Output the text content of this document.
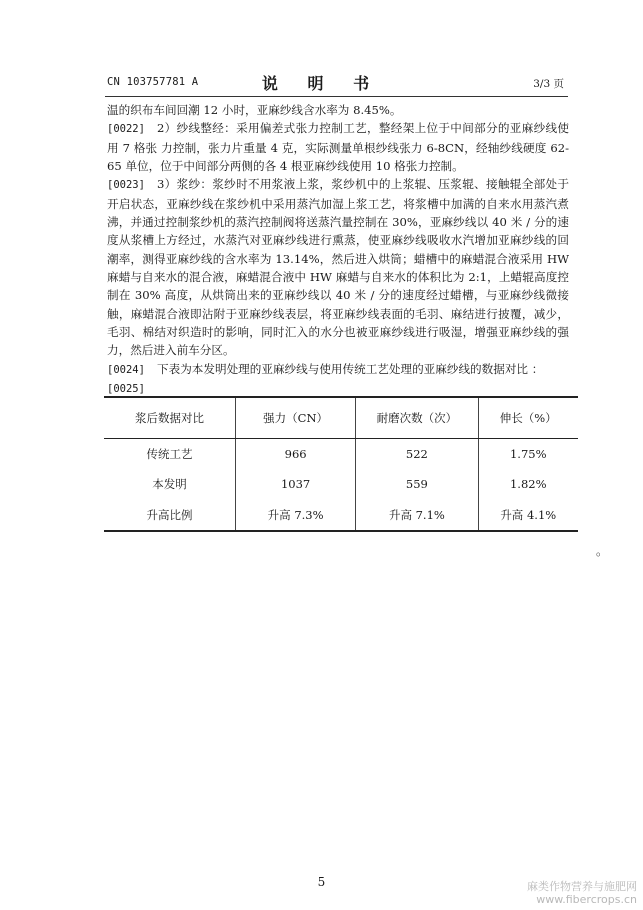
CN 103757781 A	说 明 书	3/3 页

温的织布车间回潮 12 小时，亚麻纱线含水率为 8.45%。

[0022] 2）纱线整经：采用偏差式张力控制工艺，整经架上位于中间部分的亚麻纱线使用 7 格张 力控制，张力片重量 4 克，实际测量单根纱线张力 6-8CN，经轴纱线硬度 62-65 单位，位于中间部分两侧的各 4 根亚麻纱线使用 10 格张力控制。

[0023] 3）浆纱：浆纱时不用浆液上浆，浆纱机中的上浆辊、压浆辊、接触辊全部处于开启状态，亚麻纱线在浆纱机中采用蒸汽加湿上浆工艺，将浆槽中加满的自来水用蒸汽煮沸，并通过控制浆纱机的蒸汽控制阀将送蒸汽量控制在 30%，亚麻纱线以 40 米 / 分的速度从浆槽上方经过，水蒸汽对亚麻纱线进行熏蒸，使亚麻纱线吸收水汽增加亚麻纱线的回潮率，测得亚麻纱线的含水率为 13.14%，然后进入烘筒；蜡槽中的麻蜡混合液采用 HW 麻蜡与自来水的混合液，麻蜡混合液中 HW 麻蜡与自来水的体积比为 2:1，上蜡辊高度控制在 30% 高度，从烘筒出来的亚麻纱线以 40 米 / 分的速度经过蜡槽，与亚麻纱线微接触，麻蜡混合液即沾附于亚麻纱线表层，将亚麻纱线表面的毛羽、麻结进行披覆，减少，毛羽、棉结对织造时的影响，同时汇入的水分也被亚麻纱线进行吸湿，增强亚麻纱线的强力，然后进入前车分区。

[0024] 下表为本发明处理的亚麻纱线与使用传统工艺处理的亚麻纱线的数据对比 ：

[0025]

浆后数据对比	强力（CN）	耐磨次数（次）	伸长（%）
传统工艺	966	522	1.75%
本发明	1037	559	1.82%
升高比例	升高 7.3%	升高 7.1%	升高 4.1%
。
5	麻类作物营养与施肥网
www.fibercrops.cn
